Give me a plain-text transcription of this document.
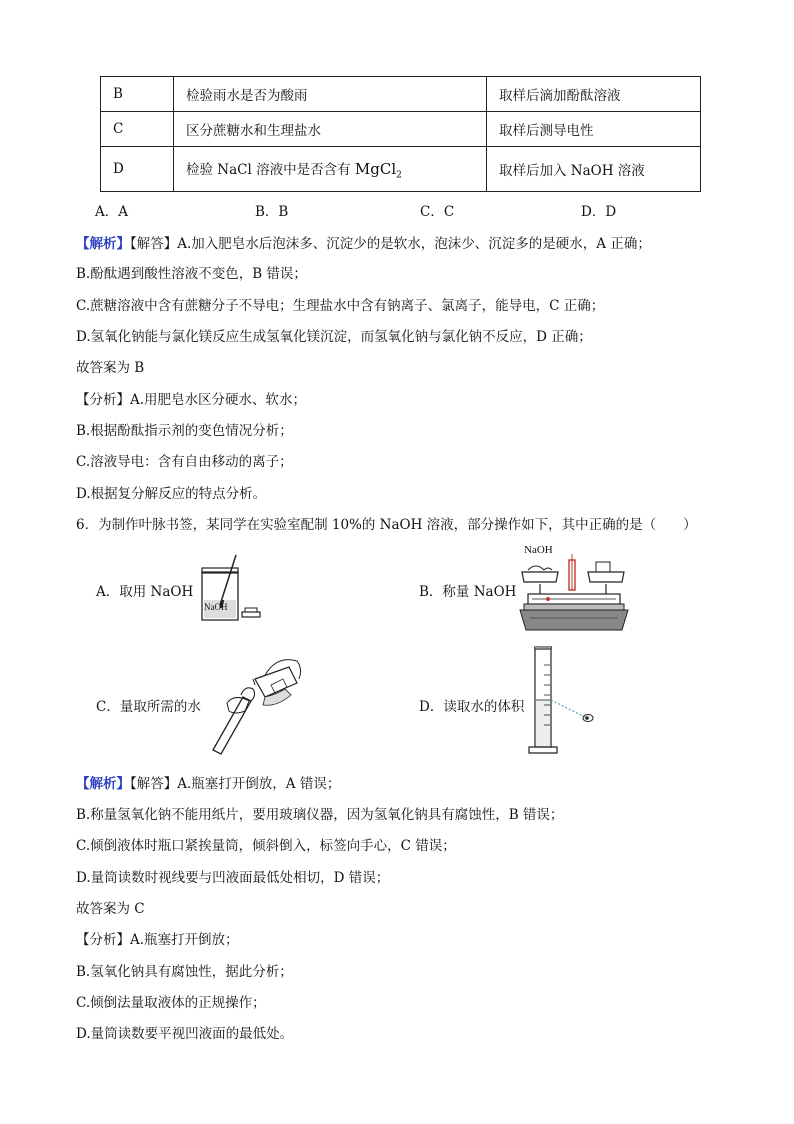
B	检验雨水是否为酸雨	取样后滴加酚酞溶液
C	区分蔗糖水和生理盐水	取样后测导电性
D	检验 NaCl 溶液中是否含有 MgCl$_2$	取样后加入 NaOH 溶液
A．A	B．B	C．C	D．D
【解析】【解答】A.加入肥皂水后泡沫多、沉淀少的是软水，泡沫少、沉淀多的是硬水，A 正确；
B.酚酞遇到酸性溶液不变色，B 错误；
C.蔗糖溶液中含有蔗糖分子不导电；生理盐水中含有钠离子、氯离子，能导电，C 正确；
D.氢氧化钠能与氯化镁反应生成氢氧化镁沉淀，而氢氧化钠与氯化钠不反应，D 正确；
故答案为 B
【分析】A.用肥皂水区分硬水、软水；
B.根据酚酞指示剂的变色情况分析；
C.溶液导电：含有自由移动的离子；
D.根据复分解反应的特点分析。
6．为制作叶脉书签，某同学在实验室配制 10%的 NaOH 溶液，部分操作如下，其中正确的是（　　）
A．取用 NaOH
NaOH
B．称量 NaOH
NaOH
C．量取所需的水	D．读取水的体积
【解析】【解答】A.瓶塞打开倒放，A 错误；
B.称量氢氧化钠不能用纸片，要用玻璃仪器，因为氢氧化钠具有腐蚀性，B 错误；
C.倾倒液体时瓶口紧挨量筒，倾斜倒入，标签向手心，C 错误；
D.量筒读数时视线要与凹液面最低处相切，D 错误；
故答案为 C
【分析】A.瓶塞打开倒放；
B.氢氧化钠具有腐蚀性，据此分析；
C.倾倒法量取液体的正规操作；
D.量筒读数要平视凹液面的最低处。
